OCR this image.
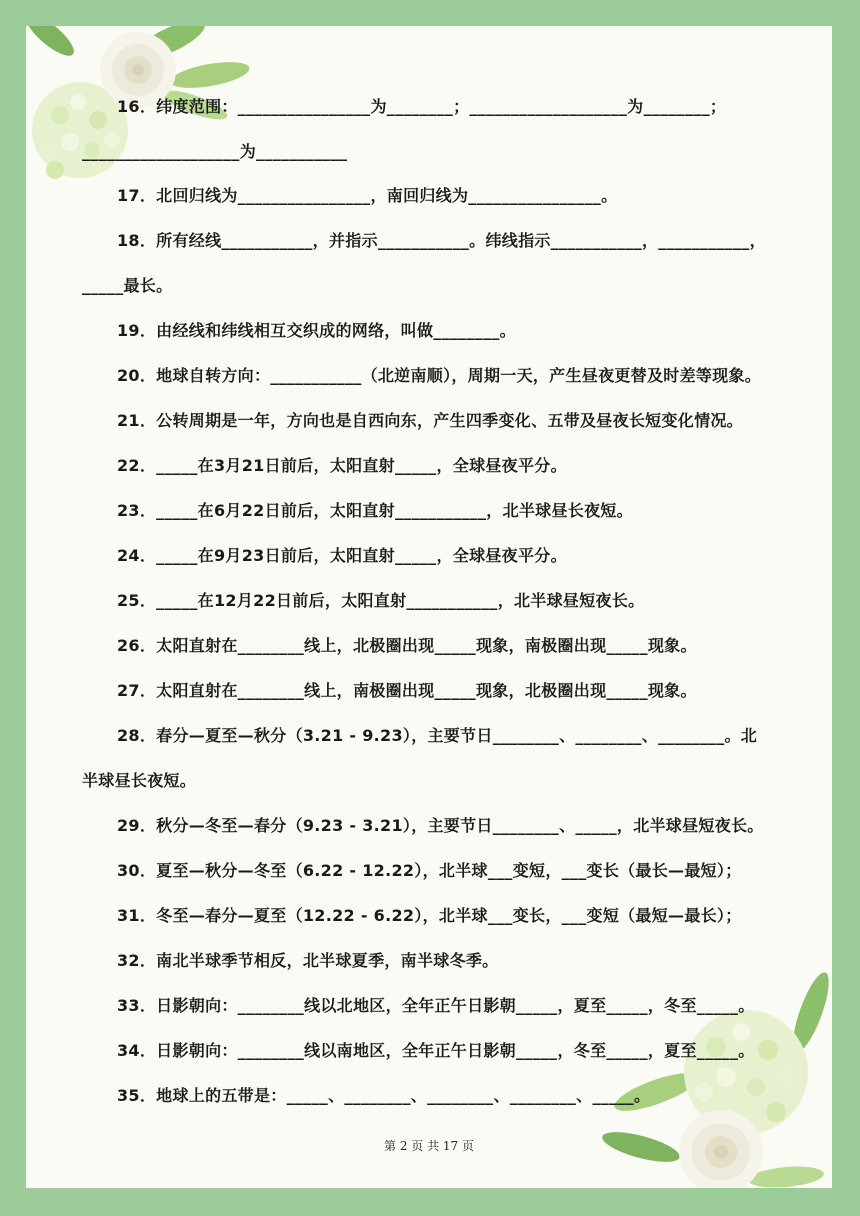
16．纬度范围：________________为________；___________________为________；
___________________为___________
17．北回归线为________________，南回归线为________________。
18．所有经线___________，并指示___________。纬线指示___________，___________，
_____最长。
19．由经线和纬线相互交织成的网络，叫做________。
20．地球自转方向：___________（北逆南顺），周期一天，产生昼夜更替及时差等现象。
21．公转周期是一年，方向也是自西向东，产生四季变化、五带及昼夜长短变化情况。
22．_____在3月21日前后，太阳直射_____，全球昼夜平分。
23．_____在6月22日前后，太阳直射___________，北半球昼长夜短。
24．_____在9月23日前后，太阳直射_____，全球昼夜平分。
25．_____在12月22日前后，太阳直射___________，北半球昼短夜长。
26．太阳直射在________线上，北极圈出现_____现象，南极圈出现_____现象。
27．太阳直射在________线上，南极圈出现_____现象，北极圈出现_____现象。
28．春分—夏至—秋分（3.21 - 9.23），主要节日________、________、________。北
半球昼长夜短。
29．秋分—冬至—春分（9.23 - 3.21），主要节日________、_____，北半球昼短夜长。
30．夏至—秋分—冬至（6.22 - 12.22），北半球___变短，___变长（最长—最短）；
31．冬至—春分—夏至（12.22 - 6.22），北半球___变长，___变短（最短—最长）；
32．南北半球季节相反，北半球夏季，南半球冬季。
33．日影朝向：________线以北地区，全年正午日影朝_____，夏至_____，冬至_____。
34．日影朝向：________线以南地区，全年正午日影朝_____，冬至_____，夏至_____。
35．地球上的五带是：_____、________、________、________、_____。
第 2 页 共 17 页
